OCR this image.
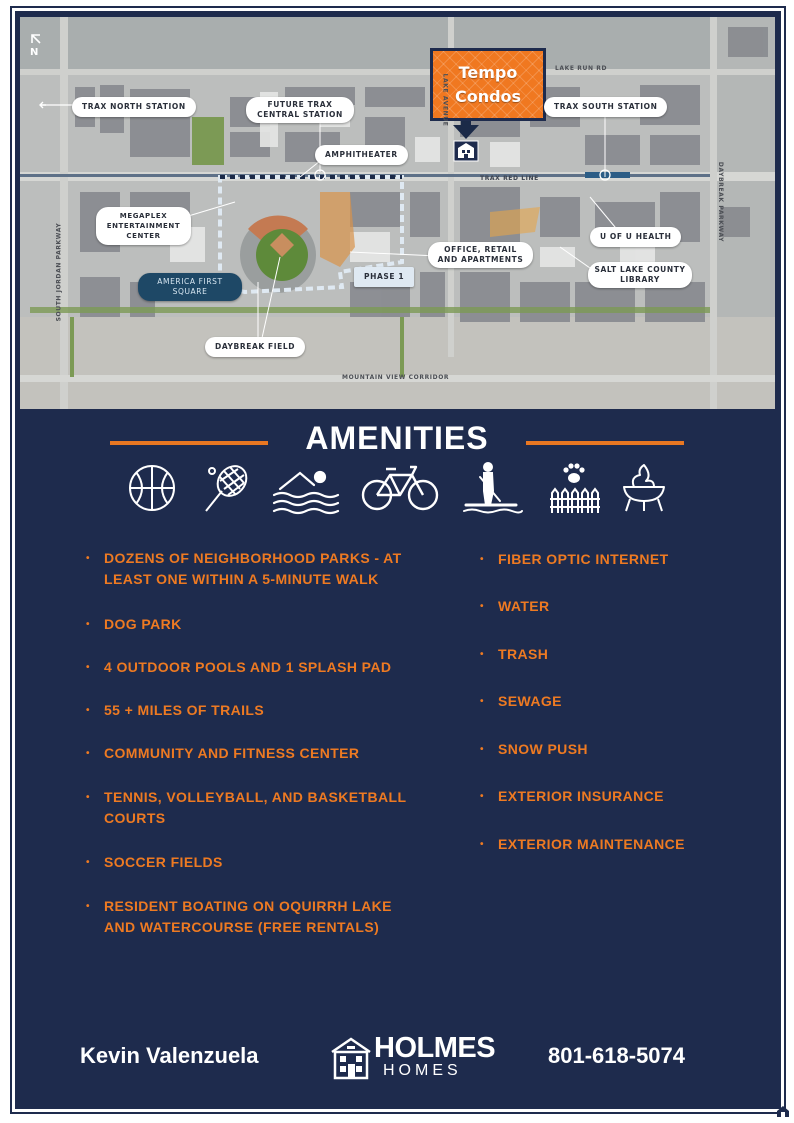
N
Tempo
Condos
LAKE RUN RD
LAKE AVENUE
TRAX RED LINE
SOUTH JORDAN PARKWAY
DAYBREAK PARKWAY
MOUNTAIN VIEW CORRIDOR
TRAX NORTH STATION	FUTURE TRAX CENTRAL STATION
TRAX SOUTH STATION
AMPHITHEATER
MEGAPLEX ENTERTAINMENT CENTER
OFFICE, RETAIL AND APARTMENTS
U OF U HEALTH
SALT LAKE COUNTY LIBRARY
AMERICA FIRST SQUARE
PHASE 1
DAYBREAK FIELD
AMENITIES
• DOZENS OF NEIGHBORHOOD PARKS - AT LEAST ONE WITHIN A 5-MINUTE WALK
• DOG PARK
• 4 OUTDOOR POOLS AND 1 SPLASH PAD
• 55 + MILES OF TRAILS
• COMMUNITY AND FITNESS CENTER
• TENNIS, VOLLEYBALL, AND BASKETBALL COURTS
• SOCCER FIELDS
• RESIDENT BOATING ON OQUIRRH LAKE AND WATERCOURSE (FREE RENTALS)
• FIBER OPTIC INTERNET
• WATER
• TRASH
• SEWAGE
• SNOW PUSH
• EXTERIOR INSURANCE
• EXTERIOR MAINTENANCE
Kevin Valenzuela	HOLMES
HOMES
801-618-5074
